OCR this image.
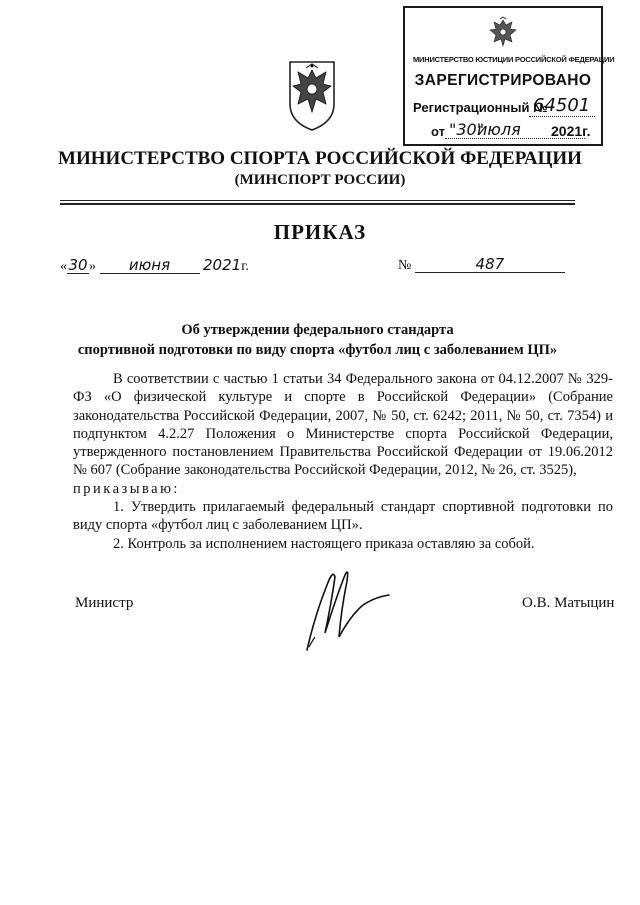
МИНИСТЕРСТВО ЮСТИЦИИ РОССИЙСКОЙ ФЕДЕРАЦИИ
ЗАРЕГИСТРИРОВАНО
Регистрационный №
64501
от "30"
июля 2021г.
МИНИСТЕРСТВО СПОРТА РОССИЙСКОЙ ФЕДЕРАЦИИ
(МИНСПОРТ РОССИИ)
ПРИКАЗ
«30» июня 2021г.	№	487
Об утверждении федерального стандарта
спортивной подготовки по виду спорта «футбол лиц с заболеванием ЦП»

В соответствии с частью 1 статьи 34 Федерального закона от 04.12.2007 № 329-ФЗ «О физической культуре и спорте в Российской Федерации» (Собрание законодательства Российской Федерации, 2007, № 50, ст. 6242; 2011, № 50, ст. 7354) и подпунктом 4.2.27 Положения о Министерстве спорта Российской Федерации, утвержденного постановлением Правительства Российской Федерации от 19.06.2012 № 607 (Собрание законодательства Российской Федерации, 2012, № 26, ст. 3525),

приказываю:

1. Утвердить прилагаемый федеральный стандарт спортивной подготовки по виду спорта «футбол лиц с заболеванием ЦП».

2. Контроль за исполнением настоящего приказа оставляю за собой.

Министр	О.В. Матыцин
